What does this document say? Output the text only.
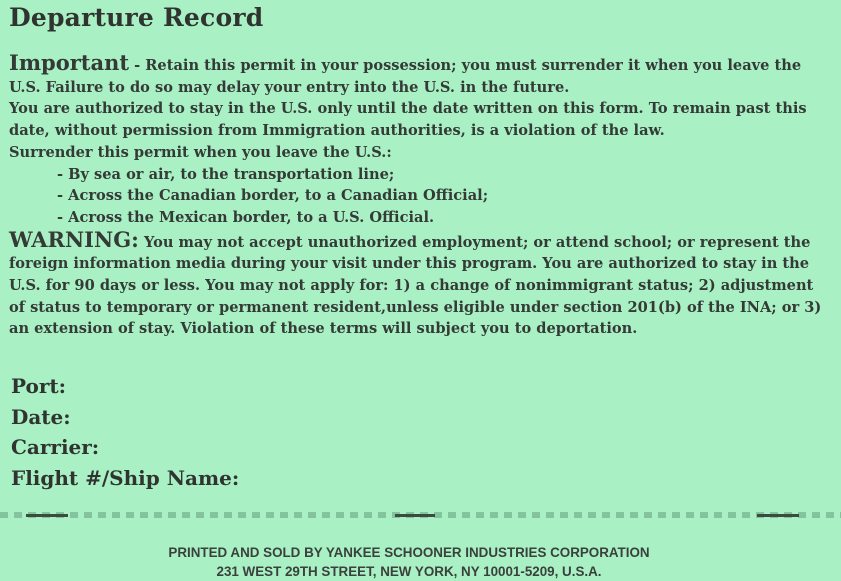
Departure Record

Important - Retain this permit in your possession; you must surrender it when you leave the U.S. Failure to do so may delay your entry into the U.S. in the future.

You are authorized to stay in the U.S. only until the date written on this form. To remain past this date, without permission from Immigration authorities, is a violation of the law.

Surrender this permit when you leave the U.S.:

- By sea or air, to the transportation line;

- Across the Canadian border, to a Canadian Official;

- Across the Mexican border, to a U.S. Official.

WARNING: You may not accept unauthorized employment; or attend school; or represent the foreign information media during your visit under this program. You are authorized to stay in the U.S. for 90 days or less. You may not apply for: 1) a change of nonimmigrant status; 2) adjustment of status to temporary or permanent resident,unless eligible under section 201(b) of the INA; or 3) an extension of stay. Violation of these terms will subject you to deportation.

Port:
Date:
Carrier:
Flight #/Ship Name:
PRINTED AND SOLD BY YANKEE SCHOONER INDUSTRIES CORPORATION
231 WEST 29TH STREET, NEW YORK, NY 10001-5209, U.S.A.
